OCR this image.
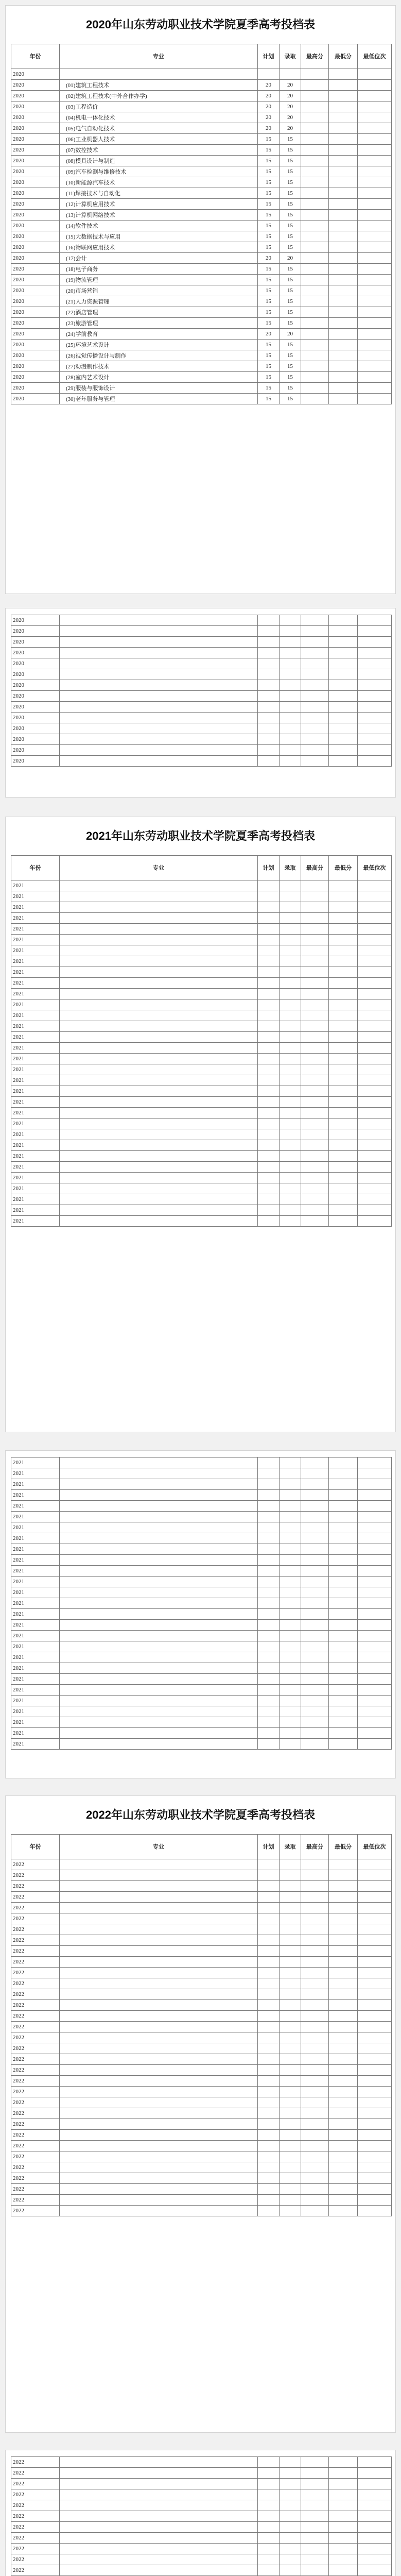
2020年山东劳动职业技术学院夏季高考投档表
年份	专业	计划	录取	最高分	最低分	最低位次
2020						
2020	(01)建筑工程技术	20	20			
2020	(02)建筑工程技术(中外合作办学)	20	20			
2020	(03)工程造价	20	20			
2020	(04)机电一体化技术	20	20			
2020	(05)电气自动化技术	20	20			
2020	(06)工业机器人技术	15	15			
2020	(07)数控技术	15	15			
2020	(08)模具设计与制造	15	15			
2020	(09)汽车检测与维修技术	15	15			
2020	(10)新能源汽车技术	15	15			
2020	(11)焊接技术与自动化	15	15			
2020	(12)计算机应用技术	15	15			
2020	(13)计算机网络技术	15	15			
2020	(14)软件技术	15	15			
2020	(15)大数据技术与应用	15	15			
2020	(16)物联网应用技术	15	15			
2020	(17)会计	20	20			
2020	(18)电子商务	15	15			
2020	(19)物流管理	15	15			
2020	(20)市场营销	15	15			
2020	(21)人力资源管理	15	15			
2020	(22)酒店管理	15	15			
2020	(23)旅游管理	15	15			
2020	(24)学前教育	20	20			
2020	(25)环境艺术设计	15	15			
2020	(26)视觉传播设计与制作	15	15			
2020	(27)动漫制作技术	15	15			
2020	(28)室内艺术设计	15	15			
2020	(29)服装与服饰设计	15	15			
2020	(30)老年服务与管理	15	15			
2020						
2020						
2020						
2020						
2020						
2020						
2020						
2020						
2020						
2020						
2020						
2020						
2020						
2020						
2021年山东劳动职业技术学院夏季高考投档表
年份	专业	计划	录取	最高分	最低分	最低位次
2021						
2021						
2021						
2021						
2021						
2021						
2021						
2021						
2021						
2021						
2021						
2021						
2021						
2021						
2021						
2021						
2021						
2021						
2021						
2021						
2021						
2021						
2021						
2021						
2021						
2021						
2021						
2021						
2021						
2021						
2021						
2021						
2021						
2021						
2021						
2021						
2021						
2021						
2021						
2021						
2021						
2021						
2021						
2021						
2021						
2021						
2021						
2021						
2021						
2021						
2021						
2021						
2021						
2021						
2021						
2021						
2021						
2021						
2021						
2022年山东劳动职业技术学院夏季高考投档表
年份	专业	计划	录取	最高分	最低分	最低位次
2022						
2022						
2022						
2022						
2022						
2022						
2022						
2022						
2022						
2022						
2022						
2022						
2022						
2022						
2022						
2022						
2022						
2022						
2022						
2022						
2022						
2022						
2022						
2022						
2022						
2022						
2022						
2022						
2022						
2022						
2022						
2022						
2022						
2022						
2022						
2022						
2022						
2022						
2022						
2022						
2022						
2022						
2022						
2022						
